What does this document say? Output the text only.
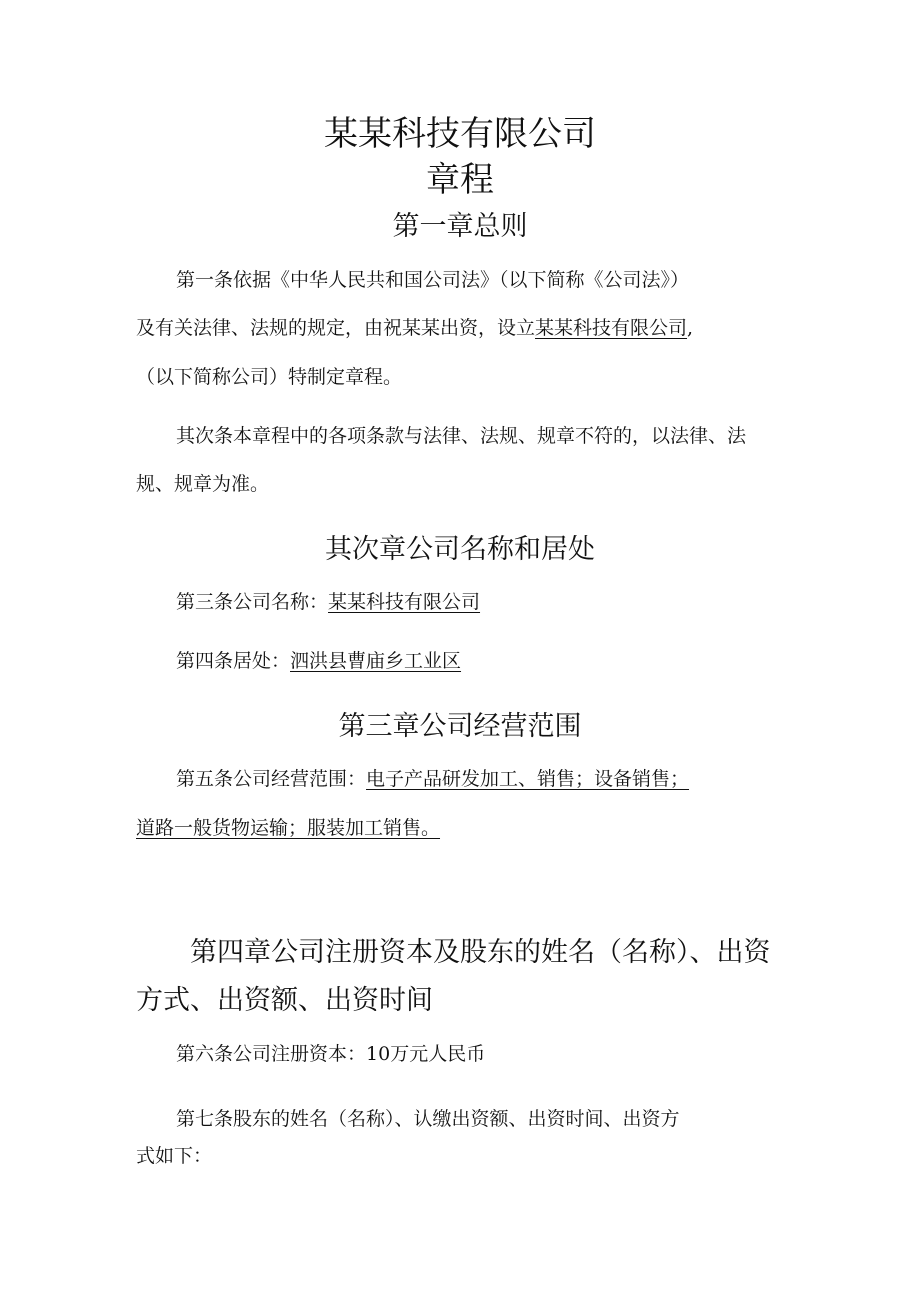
某某科技有限公司
章程
第一章总则
第一条依据《中华人民共和国公司法》（以下简称《公司法》）
及有关法律、法规的规定，由祝某某出资，设立某某科技有限公司,
（以下简称公司）特制定章程。
其次条本章程中的各项条款与法律、法规、规章不符的，以法律、法
规、规章为准。
其次章公司名称和居处
第三条公司名称：某某科技有限公司
第四条居处：泗洪县曹庙乡工业区
第三章公司经营范围
第五条公司经营范围：电子产品研发加工、销售；设备销售；
道路一般货物运输；服装加工销售。
第四章公司注册资本及股东的姓名（名称）、出资
方式、出资额、出资时间
第六条公司注册资本：10万元人民币
第七条股东的姓名（名称）、认缴出资额、出资时间、出资方
式如下：
